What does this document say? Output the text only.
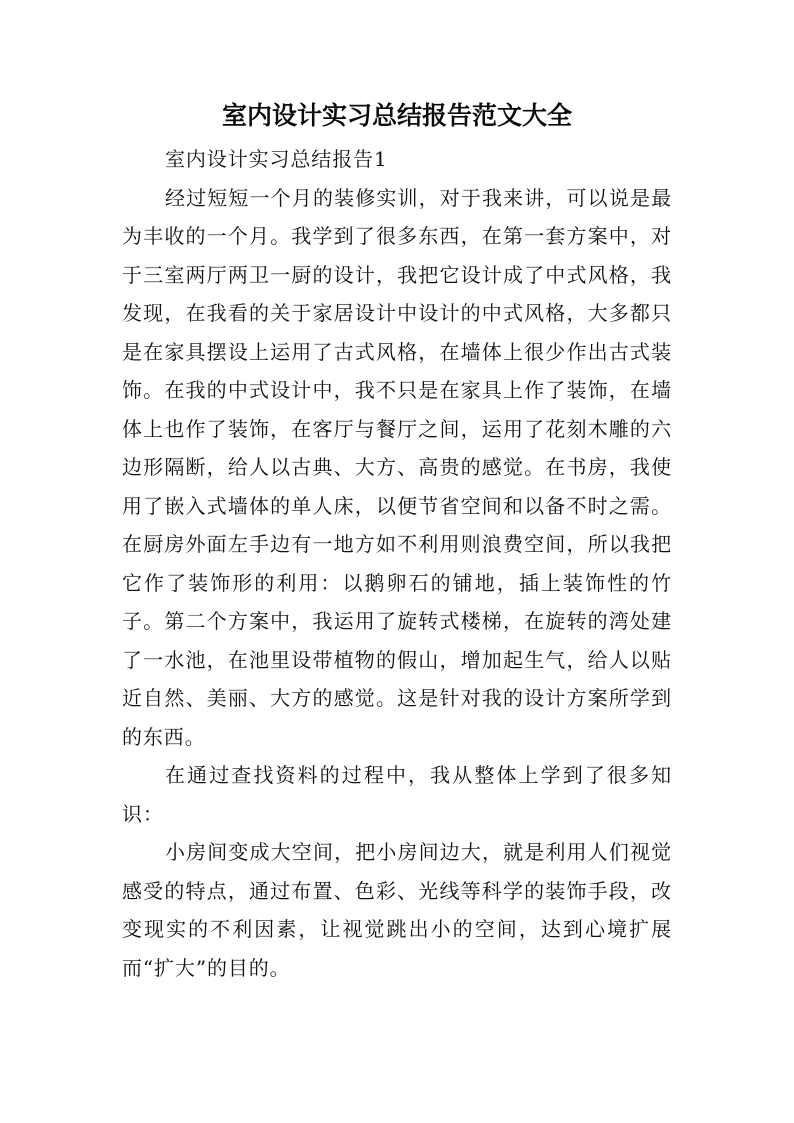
室内设计实习总结报告范文大全

室内设计实习总结报告1

经过短短一个月的装修实训，对于我来讲，可以说是最为丰收的一个月。我学到了很多东西，在第一套方案中，对于三室两厅两卫一厨的设计，我把它设计成了中式风格，我发现，在我看的关于家居设计中设计的中式风格，大多都只是在家具摆设上运用了古式风格，在墙体上很少作出古式装饰。在我的中式设计中，我不只是在家具上作了装饰，在墙体上也作了装饰，在客厅与餐厅之间，运用了花刻木雕的六边形隔断，给人以古典、大方、高贵的感觉。在书房，我使用了嵌入式墙体的单人床，以便节省空间和以备不时之需。在厨房外面左手边有一地方如不利用则浪费空间，所以我把它作了装饰形的利用：以鹅卵石的铺地，插上装饰性的竹子。第二个方案中，我运用了旋转式楼梯，在旋转的湾处建了一水池，在池里设带植物的假山，增加起生气，给人以贴近自然、美丽、大方的感觉。这是针对我的设计方案所学到的东西。

在通过查找资料的过程中，我从整体上学到了很多知识：

小房间变成大空间，把小房间边大，就是利用人们视觉感受的特点，通过布置、色彩、光线等科学的装饰手段，改变现实的不利因素，让视觉跳出小的空间，达到心境扩展而“扩大”的目的。
